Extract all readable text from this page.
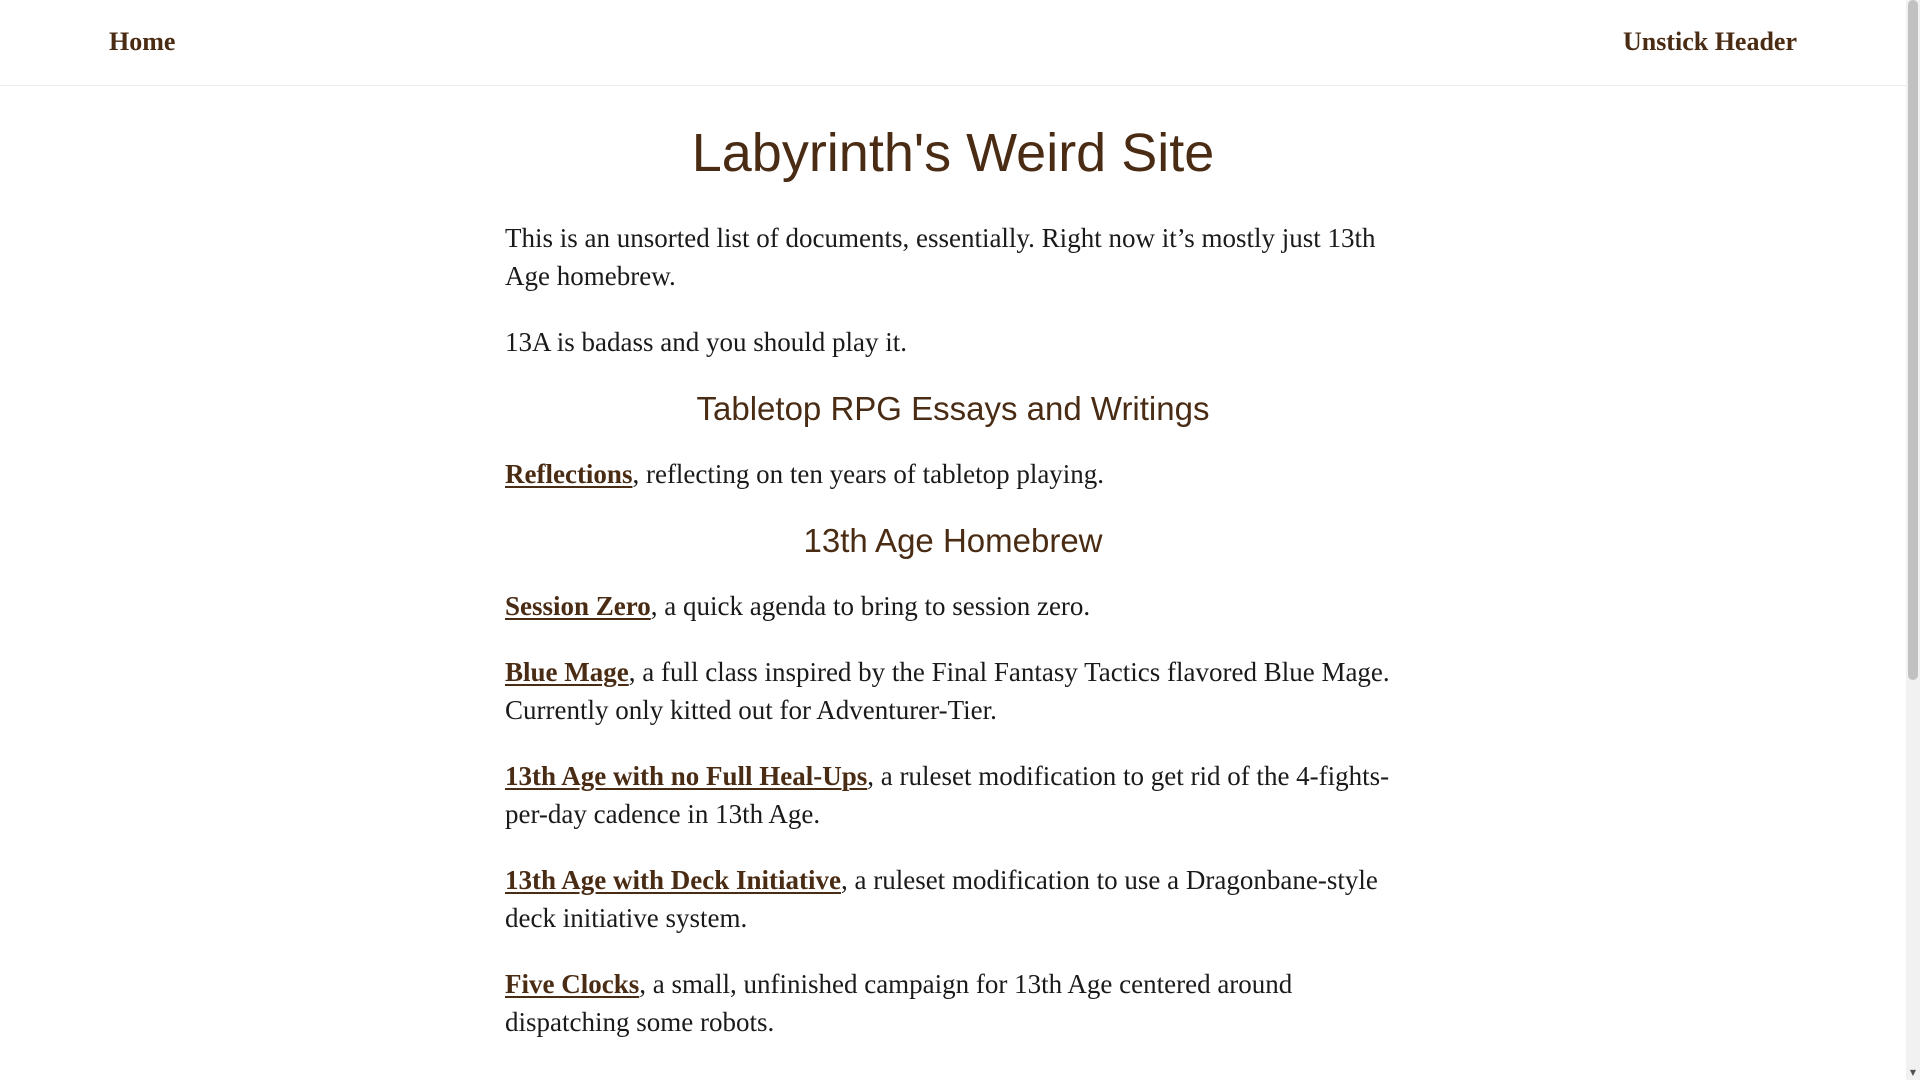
Home	Unstick Header
Labyrinth's Weird Site

This is an unsorted list of documents, essentially. Right now it’s mostly just 13th Age homebrew.

13A is badass and you should play it.

Tabletop RPG Essays and Writings

Reflections, reflecting on ten years of tabletop playing.

13th Age Homebrew

Session Zero, a quick agenda to bring to session zero.

Blue Mage, a full class inspired by the Final Fantasy Tactics flavored Blue Mage. Currently only kitted out for Adventurer-Tier.

13th Age with no Full Heal-Ups, a ruleset modification to get rid of the 4-fights-per-day cadence in 13th Age.

13th Age with Deck Initiative, a ruleset modification to use a Dragonbane-style deck initiative system.

Five Clocks, a small, unfinished campaign for 13th Age centered around dispatching some robots.

▼
